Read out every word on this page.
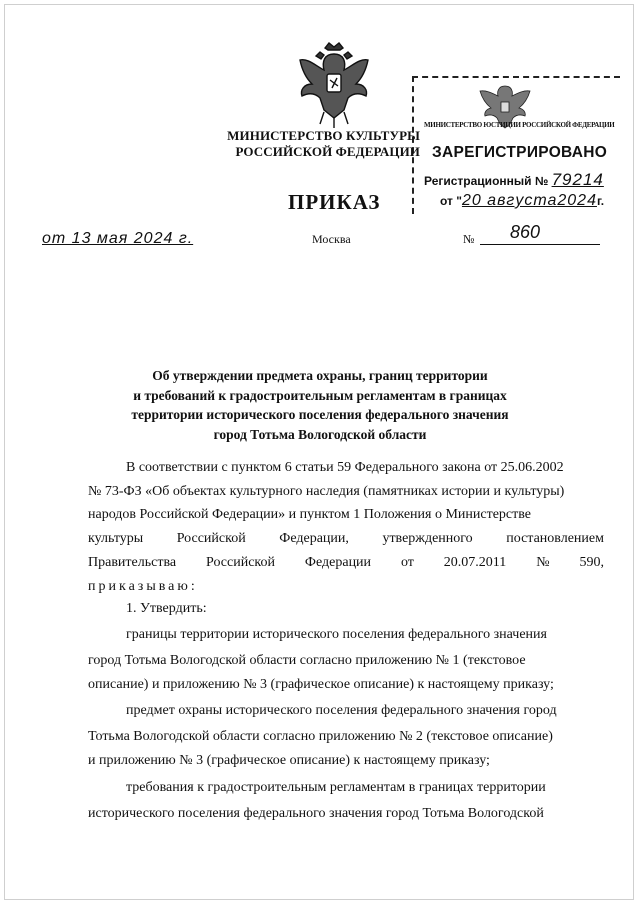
МИНИСТЕРСТВО КУЛЬТУРЫ
РОССИЙСКОЙ ФЕДЕРАЦИИ
МИНИСТЕРСТВО ЮСТИЦИИ РОССИЙСКОЙ ФЕДЕРАЦИИ
ЗАРЕГИСТРИРОВАНО
Регистрационный № 79214
от "20 августа2024г.
ПРИКАЗ
от 13 мая 2024 г.	Москва	№ 860
Об утверждении предмета охраны, границ территории
и требований к градостроительным регламентам в границах
территории исторического поселения федерального значения
город Тотьма Вологодской области
В соответствии с пунктом 6 статьи 59 Федерального закона от 25.06.2002
№ 73-ФЗ «Об объектах культурного наследия (памятниках истории и культуры)
народов Российской Федерации» и пунктом 1 Положения о Министерстве
культуры Российской Федерации, утвержденного постановлением
Правительства Российской Федерации от 20.07.2011 № 590,
приказываю:
1. Утвердить:
границы территории исторического поселения федерального значения
город Тотьма Вологодской области согласно приложению № 1 (текстовое
описание) и приложению № 3 (графическое описание) к настоящему приказу;
предмет охраны исторического поселения федерального значения город
Тотьма Вологодской области согласно приложению № 2 (текстовое описание)
и приложению № 3 (графическое описание) к настоящему приказу;
требования к градостроительным регламентам в границах территории
исторического поселения федерального значения город Тотьма Вологодской
